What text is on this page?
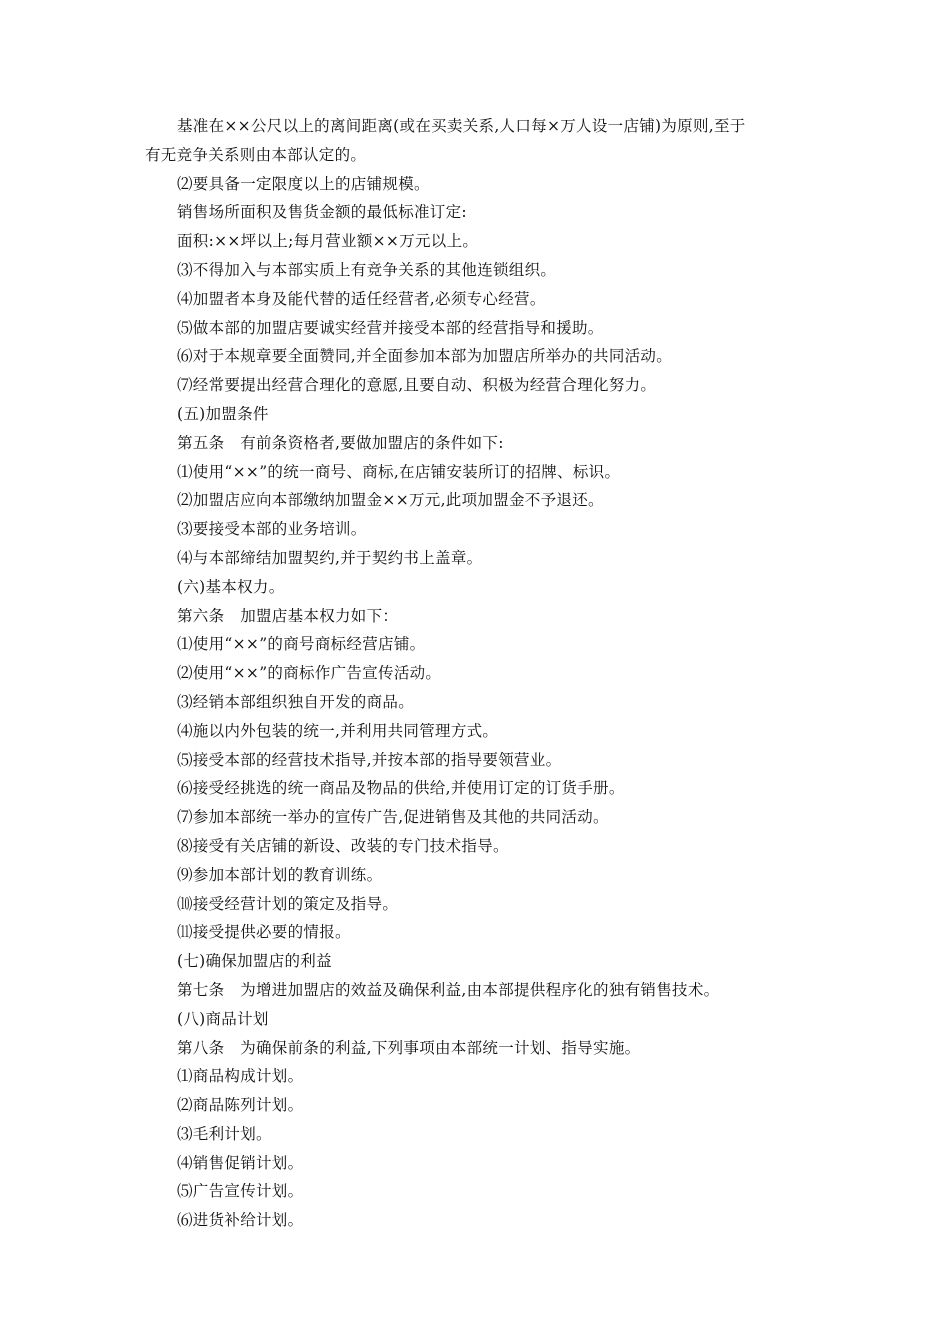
基准在××公尺以上的离间距离(或在买卖关系,人口每×万人设一店铺)为原则,至于
有无竞争关系则由本部认定的。
⑵要具备一定限度以上的店铺规模。
销售场所面积及售货金额的最低标准订定:
面积:××坪以上;每月营业额××万元以上。
⑶不得加入与本部实质上有竞争关系的其他连锁组织。
⑷加盟者本身及能代替的适任经营者,必须专心经营。
⑸做本部的加盟店要诚实经营并接受本部的经营指导和援助。
⑹对于本规章要全面赞同,并全面参加本部为加盟店所举办的共同活动。
⑺经常要提出经营合理化的意愿,且要自动、积极为经营合理化努力。
(五)加盟条件
第五条　有前条资格者,要做加盟店的条件如下:
⑴使用“××”的统一商号、商标,在店铺安装所订的招牌、标识。
⑵加盟店应向本部缴纳加盟金××万元,此项加盟金不予退还。
⑶要接受本部的业务培训。
⑷与本部缔结加盟契约,并于契约书上盖章。
(六)基本权力。
第六条　加盟店基本权力如下：
⑴使用“××”的商号商标经营店铺。
⑵使用“××”的商标作广告宣传活动。
⑶经销本部组织独自开发的商品。
⑷施以内外包装的统一,并利用共同管理方式。
⑸接受本部的经营技术指导,并按本部的指导要领营业。
⑹接受经挑选的统一商品及物品的供给,并使用订定的订货手册。
⑺参加本部统一举办的宣传广告,促进销售及其他的共同活动。
⑻接受有关店铺的新设、改装的专门技术指导。
⑼参加本部计划的教育训练。
⑽接受经营计划的策定及指导。
⑾接受提供必要的情报。
(七)确保加盟店的利益
第七条　为增进加盟店的效益及确保利益,由本部提供程序化的独有销售技术。
(八)商品计划
第八条　为确保前条的利益,下列事项由本部统一计划、指导实施。
⑴商品构成计划。
⑵商品陈列计划。
⑶毛利计划。
⑷销售促销计划。
⑸广告宣传计划。
⑹进货补给计划。
